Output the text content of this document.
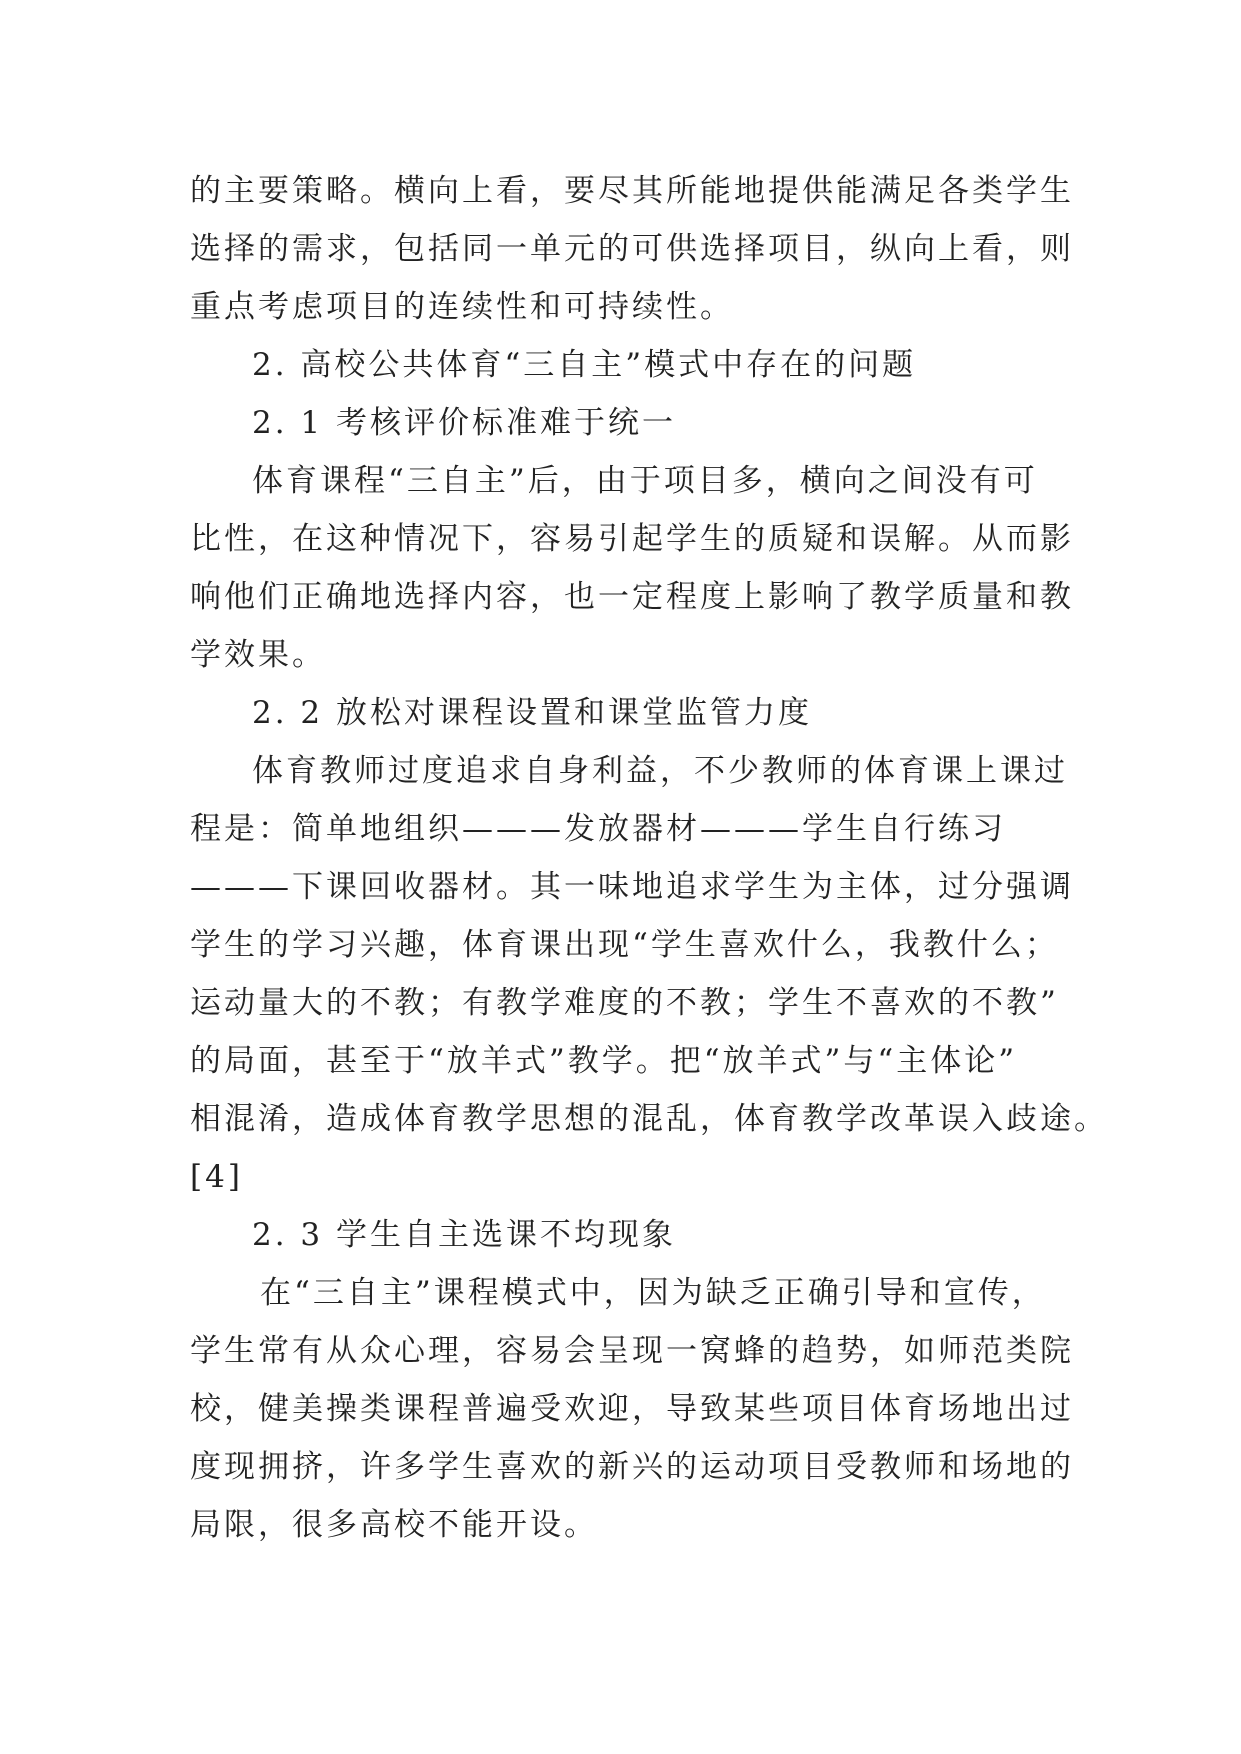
的主要策略。横向上看，要尽其所能地提供能满足各类学生
选择的需求，包括同一单元的可供选择项目，纵向上看，则
重点考虑项目的连续性和可持续性。
2. 高校公共体育“三自主”模式中存在的问题
2. 1 考核评价标准难于统一
体育课程“三自主”后，由于项目多，横向之间没有可
比性，在这种情况下，容易引起学生的质疑和误解。从而影
响他们正确地选择内容，也一定程度上影响了教学质量和教
学效果。
2. 2 放松对课程设置和课堂监管力度
体育教师过度追求自身利益，不少教师的体育课上课过
程是：简单地组织———发放器材———学生自行练习
———下课回收器材。其一味地追求学生为主体，过分强调
学生的学习兴趣，体育课出现“学生喜欢什么，我教什么；
运动量大的不教；有教学难度的不教；学生不喜欢的不教”
的局面，甚至于“放羊式”教学。把“放羊式”与“主体论”
相混淆，造成体育教学思想的混乱，体育教学改革误入歧途。
[4]
2. 3 学生自主选课不均现象
在“三自主”课程模式中，因为缺乏正确引导和宣传，
学生常有从众心理，容易会呈现一窝蜂的趋势，如师范类院
校，健美操类课程普遍受欢迎，导致某些项目体育场地出过
度现拥挤，许多学生喜欢的新兴的运动项目受教师和场地的
局限，很多高校不能开设。
